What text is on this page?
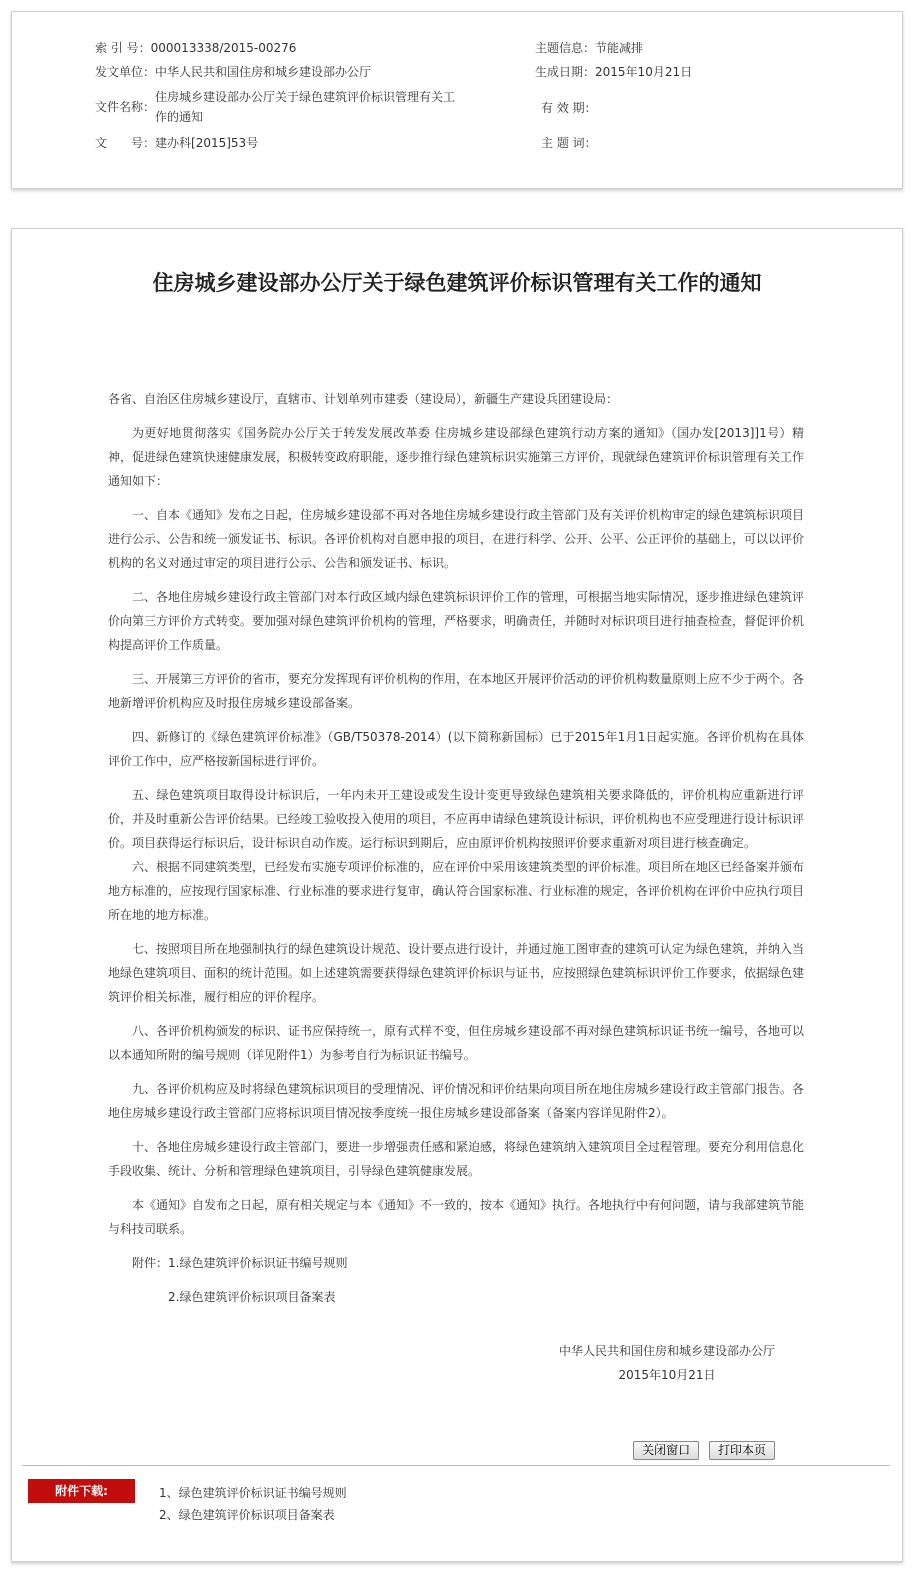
索 引 号：000013338/2015-00276	主题信息：节能减排
发文单位：中华人民共和国住房和城乡建设部办公厅	生成日期：2015年10月21日
文件名称：住房城乡建设部办公厅关于绿色建筑评价标识管理有关工作的通知
有 效 期：
文　　号：建办科[2015]53号	主 题 词：
住房城乡建设部办公厅关于绿色建筑评价标识管理有关工作的通知

各省、自治区住房城乡建设厅，直辖市、计划单列市建委（建设局），新疆生产建设兵团建设局：

为更好地贯彻落实《国务院办公厅关于转发发展改革委 住房城乡建设部绿色建筑行动方案的通知》（国办发[2013]]1号）精神，促进绿色建筑快速健康发展，积极转变政府职能，逐步推行绿色建筑标识实施第三方评价，现就绿色建筑评价标识管理有关工作通知如下：

一、自本《通知》发布之日起，住房城乡建设部不再对各地住房城乡建设行政主管部门及有关评价机构审定的绿色建筑标识项目进行公示、公告和统一颁发证书、标识。各评价机构对自愿申报的项目，在进行科学、公开、公平、公正评价的基础上，可以以评价机构的名义对通过审定的项目进行公示、公告和颁发证书、标识。

二、各地住房城乡建设行政主管部门对本行政区域内绿色建筑标识评价工作的管理，可根据当地实际情况，逐步推进绿色建筑评价向第三方评价方式转变。要加强对绿色建筑评价机构的管理，严格要求，明确责任，并随时对标识项目进行抽查检查，督促评价机构提高评价工作质量。

三、开展第三方评价的省市，要充分发挥现有评价机构的作用，在本地区开展评价活动的评价机构数量原则上应不少于两个。各地新增评价机构应及时报住房城乡建设部备案。

四、新修订的《绿色建筑评价标准》（GB/T50378-2014）(以下简称新国标）已于2015年1月1日起实施。各评价机构在具体评价工作中，应严格按新国标进行评价。

五、绿色建筑项目取得设计标识后，一年内未开工建设或发生设计变更导致绿色建筑相关要求降低的，评价机构应重新进行评价，并及时重新公告评价结果。已经竣工验收投入使用的项目，不应再申请绿色建筑设计标识，评价机构也不应受理进行设计标识评价。项目获得运行标识后，设计标识自动作废。运行标识到期后，应由原评价机构按照评价要求重新对项目进行核查确定。

六、根据不同建筑类型，已经发布实施专项评价标准的，应在评价中采用该建筑类型的评价标准。项目所在地区已经备案并颁布地方标准的，应按现行国家标准、行业标准的要求进行复审，确认符合国家标准、行业标准的规定，各评价机构在评价中应执行项目所在地的地方标准。

七、按照项目所在地强制执行的绿色建筑设计规范、设计要点进行设计，并通过施工图审查的建筑可认定为绿色建筑，并纳入当地绿色建筑项目、面积的统计范围。如上述建筑需要获得绿色建筑评价标识与证书，应按照绿色建筑标识评价工作要求，依据绿色建筑评价相关标准，履行相应的评价程序。

八、各评价机构颁发的标识、证书应保持统一，原有式样不变，但住房城乡建设部不再对绿色建筑标识证书统一编号，各地可以以本通知所附的编号规则（详见附件1）为参考自行为标识证书编号。

九、各评价机构应及时将绿色建筑标识项目的受理情况、评价情况和评价结果向项目所在地住房城乡建设行政主管部门报告。各地住房城乡建设行政主管部门应将标识项目情况按季度统一报住房城乡建设部备案（备案内容详见附件2）。

十、各地住房城乡建设行政主管部门，要进一步增强责任感和紧迫感，将绿色建筑纳入建筑项目全过程管理。要充分利用信息化手段收集、统计、分析和管理绿色建筑项目，引导绿色建筑健康发展。

本《通知》自发布之日起，原有相关规定与本《通知》不一致的，按本《通知》执行。各地执行中有何问题，请与我部建筑节能与科技司联系。

附件：1.绿色建筑评价标识证书编号规则
2.绿色建筑评价标识项目备案表
中华人民共和国住房和城乡建设部办公厅
2015年10月21日
关闭窗口 打印本页
附件下载:	1、绿色建筑评价标识证书编号规则
2、绿色建筑评价标识项目备案表
